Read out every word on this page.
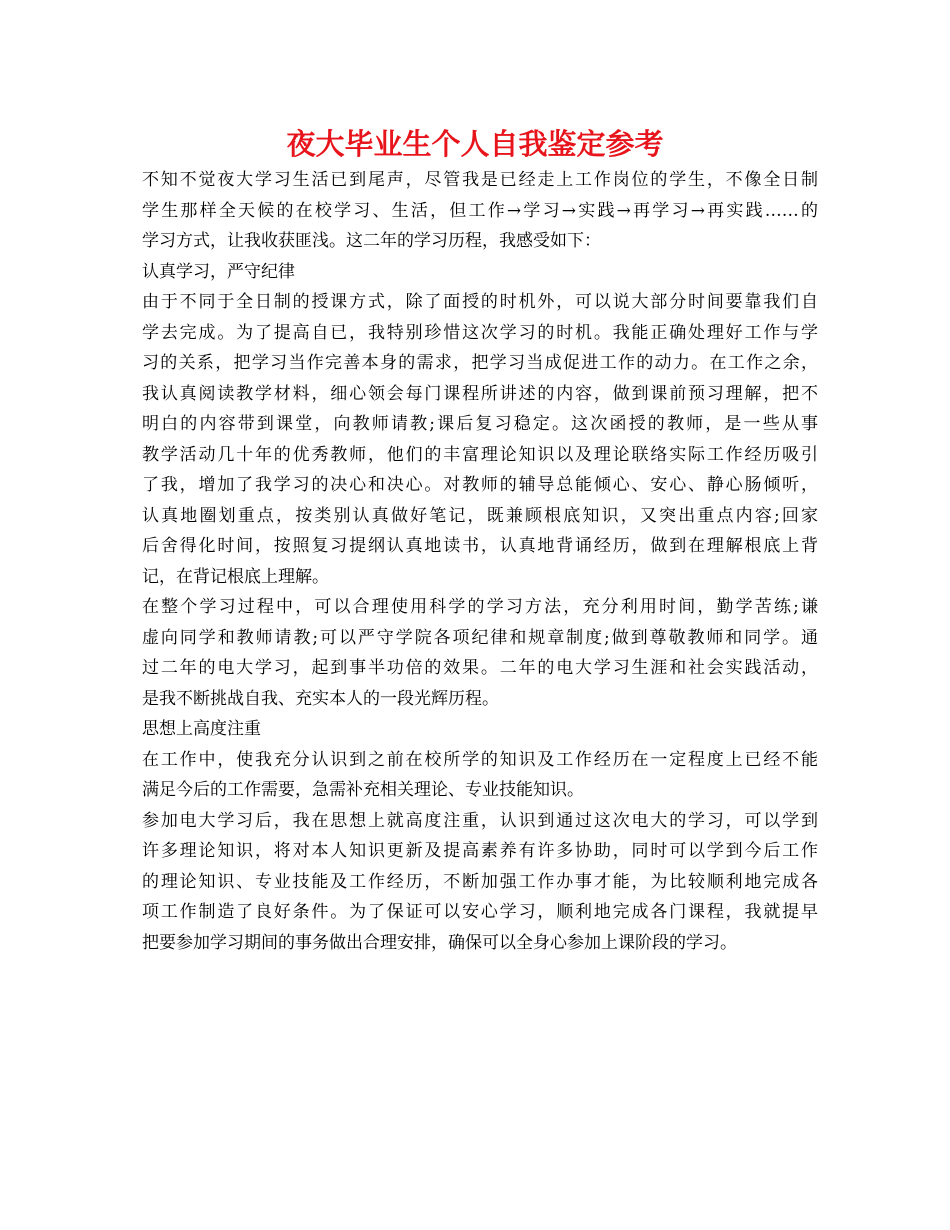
夜大毕业生个人自我鉴定参考
不知不觉夜大学习生活已到尾声，尽管我是已经走上工作岗位的学生，不像全日制
学生那样全天候的在校学习、生活，但工作→学习→实践→再学习→再实践……的
学习方式，让我收获匪浅。这二年的学习历程，我感受如下：
认真学习，严守纪律
由于不同于全日制的授课方式，除了面授的时机外，可以说大部分时间要靠我们自
学去完成。为了提高自已，我特别珍惜这次学习的时机。我能正确处理好工作与学
习的关系，把学习当作完善本身的需求，把学习当成促进工作的动力。在工作之余，
我认真阅读教学材料，细心领会每门课程所讲述的内容，做到课前预习理解，把不
明白的内容带到课堂，向教师请教;课后复习稳定。这次函授的教师，是一些从事
教学活动几十年的优秀教师，他们的丰富理论知识以及理论联络实际工作经历吸引
了我，增加了我学习的决心和决心。对教师的辅导总能倾心、安心、静心肠倾听，
认真地圈划重点，按类别认真做好笔记，既兼顾根底知识，又突出重点内容;回家
后舍得化时间，按照复习提纲认真地读书，认真地背诵经历，做到在理解根底上背
记，在背记根底上理解。
在整个学习过程中，可以合理使用科学的学习方法，充分利用时间，勤学苦练;谦
虚向同学和教师请教;可以严守学院各项纪律和规章制度;做到尊敬教师和同学。通
过二年的电大学习，起到事半功倍的效果。二年的电大学习生涯和社会实践活动，
是我不断挑战自我、充实本人的一段光辉历程。
思想上高度注重
在工作中，使我充分认识到之前在校所学的知识及工作经历在一定程度上已经不能
满足今后的工作需要，急需补充相关理论、专业技能知识。
参加电大学习后，我在思想上就高度注重，认识到通过这次电大的学习，可以学到
许多理论知识，将对本人知识更新及提高素养有许多协助，同时可以学到今后工作
的理论知识、专业技能及工作经历，不断加强工作办事才能，为比较顺利地完成各
项工作制造了良好条件。为了保证可以安心学习，顺利地完成各门课程，我就提早
把要参加学习期间的事务做出合理安排，确保可以全身心参加上课阶段的学习。
